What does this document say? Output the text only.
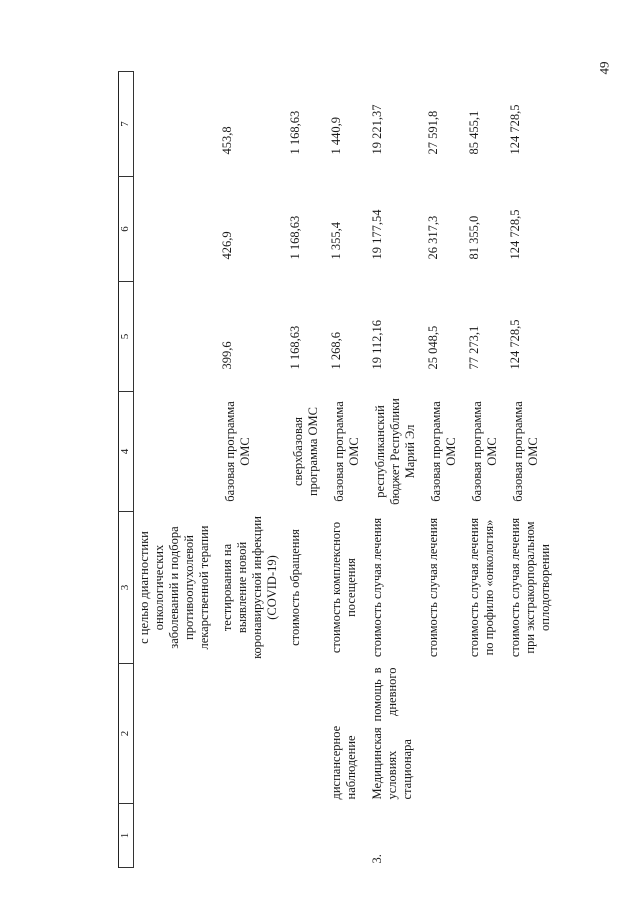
49
1	2	3	4	5	6	7
		с целью диагностики онкологических заболеваний и подбора противоопухолевой лекарственной терапии				
		тестирования на выявление новой коронавирусной инфекции (COVID-19)	базовая программа ОМС	399,6	426,9	453,8
		стоимость обращения	сверхбазовая программа ОМС	1 168,63	1 168,63	1 168,63
	диспансерное наблюдение	стоимость комплексного посещения	базовая программа ОМС	1 268,6	1 355,4	1 440,9
3.	Медицинская помощь в условиях дневного стационара	стоимость случая лечения	республиканский бюджет Республики Марий Эл	19 112,16	19 177,54	19 221,37
		стоимость случая лечения	базовая программа ОМС	25 048,5	26 317,3	27 591,8
		стоимость случая лечения по профилю «онкология»	базовая программа ОМС	77 273,1	81 355,0	85 455,1
		стоимость случая лечения при экстракорпоральном оплодотворении	базовая программа ОМС	124 728,5	124 728,5	124 728,5
